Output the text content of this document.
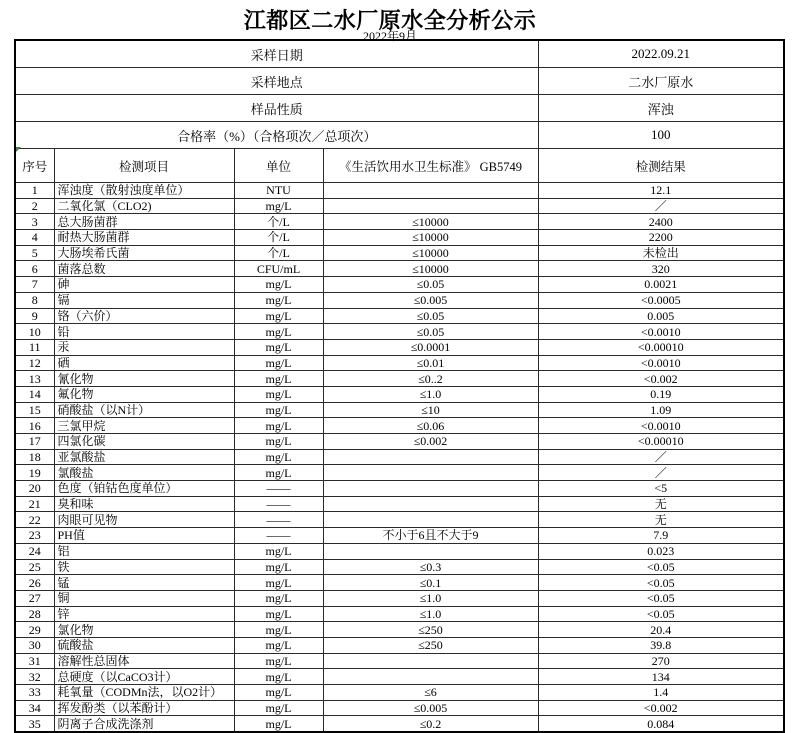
江都区二水厂原水全分析公示
2022年9月
采样日期				2022.09.21
采样地点				二水厂原水
样品性质				浑浊
合格率（%）（合格项次／总项次）				100
序号	检测项目	单位	《生活饮用水卫生标准》 GB5749	检测结果
1	浑浊度（散射浊度单位）	NTU		12.1
2	二氧化氯（CLO2)	mg/L		／
3	总大肠菌群	个/L	≤10000	2400
4	耐热大肠菌群	个/L	≤10000	2200
5	大肠埃希氏菌	个/L	≤10000	未检出
6	菌落总数	CFU/mL	≤10000	320
7	砷	mg/L	≤0.05	0.0021
8	镉	mg/L	≤0.005	<0.0005
9	铬（六价）	mg/L	≤0.05	0.005
10	铅	mg/L	≤0.05	<0.0010
11	汞	mg/L	≤0.0001	<0.00010
12	硒	mg/L	≤0.01	<0.0010
13	氰化物	mg/L	≤0..2	<0.002
14	氟化物	mg/L	≤1.0	0.19
15	硝酸盐（以N计）	mg/L	≤10	1.09
16	三氯甲烷	mg/L	≤0.06	<0.0010
17	四氯化碳	mg/L	≤0.002	<0.00010
18	亚氯酸盐	mg/L		／
19	氯酸盐	mg/L		／
20	色度（铂钴色度单位）	——		<5
21	臭和味	——		无
22	肉眼可见物	——		无
23	PH值	——	不小于6且不大于9	7.9
24	铝	mg/L		0.023
25	铁	mg/L	≤0.3	<0.05
26	锰	mg/L	≤0.1	<0.05
27	铜	mg/L	≤1.0	<0.05
28	锌	mg/L	≤1.0	<0.05
29	氯化物	mg/L	≤250	20.4
30	硫酸盐	mg/L	≤250	39.8
31	溶解性总固体	mg/L		270
32	总硬度（以CaCO3计）	mg/L		134
33	耗氧量（CODMn法，以O2计）	mg/L	≤6	1.4
34	挥发酚类（以苯酚计）	mg/L	≤0.005	<0.002
35	阴离子合成洗涤剂	mg/L	≤0.2	0.084
